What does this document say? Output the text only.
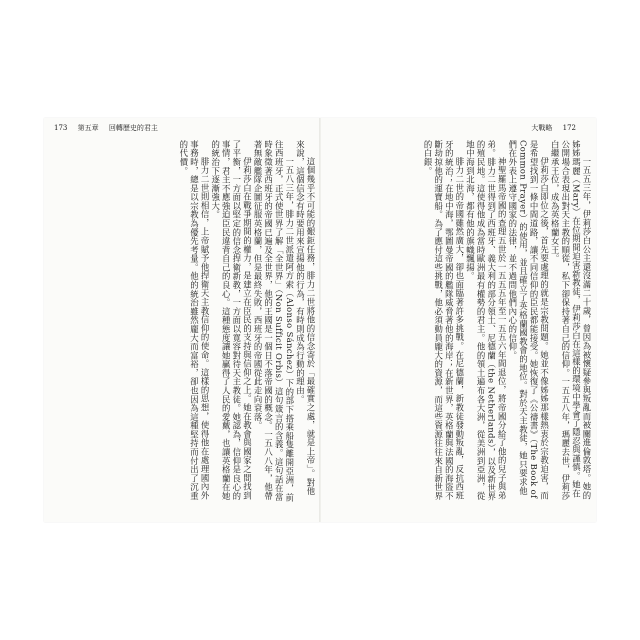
173 第五章 回轉歷史的君主

這個幾乎不可能的艱鉅任務，腓力二世將他的信念寄於「最確實之處，就是上帝」。對他來說，這個信念有時要用來宣揚他的行為，有時則成為行動的理由。

一五八三年，腓力二世派遣阿方索（Alonso Sánchez）下的部下搭乘船隻離開亞洲，前往西班牙，正式使世界了解「全世界」（Non Sufficit Orbis）這句箴言的含義。這句話在當時象徵著西班牙的帝國已遍及全世界，他的王國是一個日不落帝國的概念。一五八八年，他帶著無敵艦隊企圖征服英格蘭，但是最終失敗，西班牙的帝國從此走向衰落。

伊莉莎白在戰爭期間的權力，是建立在臣民的支持與信仰之上。她在教會與國家之間找到了平衡，一方面以堅定的信念捍衛新教，一方面以寬容對待天主教徒。她認為，信仰是良心的事情，君主不應強迫臣民違背自己的良心。這種態度讓她贏得了人民的愛戴，也讓英格蘭在她的統治下逐漸強大。

腓力二世則相信，上帝賦予他捍衛天主教信仰的使命。這樣的思想，使得他在處理國內外事務時，總是以宗教為優先考量。他的統治雖然龐大而富裕，卻也因為這種堅持而付出了沉重的代價。

大戰略 172

一五五三年，伊莉莎白公主還沒滿二十歲，曾因為被懷疑參與叛亂而被關進倫敦塔。她的姊姊瑪麗（Mary）在位期間迫害新教徒，伊莉莎白在這樣的環境中學會了隱忍與謹慎。她在公開場合表現出對天主教的順從，私下卻保持著自己的信仰。一五五八年，瑪麗去世，伊莉莎白繼承王位，成為英格蘭女王。

伊莉莎白即位之後，首先要處理的就是宗教問題。她並不像姊姊那樣熱衷於宗教迫害，而是希望找到一條中間道路，讓不同信仰的臣民都能接受。她恢復了《公禱書》（The Book of Common Prayer）的使用，並且確立了英格蘭國教會的地位。對於天主教徒，她只要求他們在外表上遵守國家的法律，並不過問他們內心的信仰。

神聖羅馬帝國的查理五世於一五五五年至一五五六年間退位，將帝國分給了他的兒子與弟弟。腓力二世得到了西班牙、義大利的部分領土、尼德蘭（the Netherlands），以及新世界的殖民地。這使得他成為當時歐洲最有權勢的君主。他的領土遍布各大洲，從美洲到亞洲，從地中海到北海，都有他的旗幟飄揚。

腓力二世的帝國雖然廣大，卻也面臨著許多挑戰。在尼德蘭，新教徒發動叛亂，反抗西班牙的統治；在地中海，鄂圖曼帝國的艦隊威脅著他的海岸；在新世界，英格蘭與法國的海盜不斷劫掠他的運寶船。為了應付這些挑戰，他必須動員龐大的資源，而這些資源往往來自新世界的白銀。
